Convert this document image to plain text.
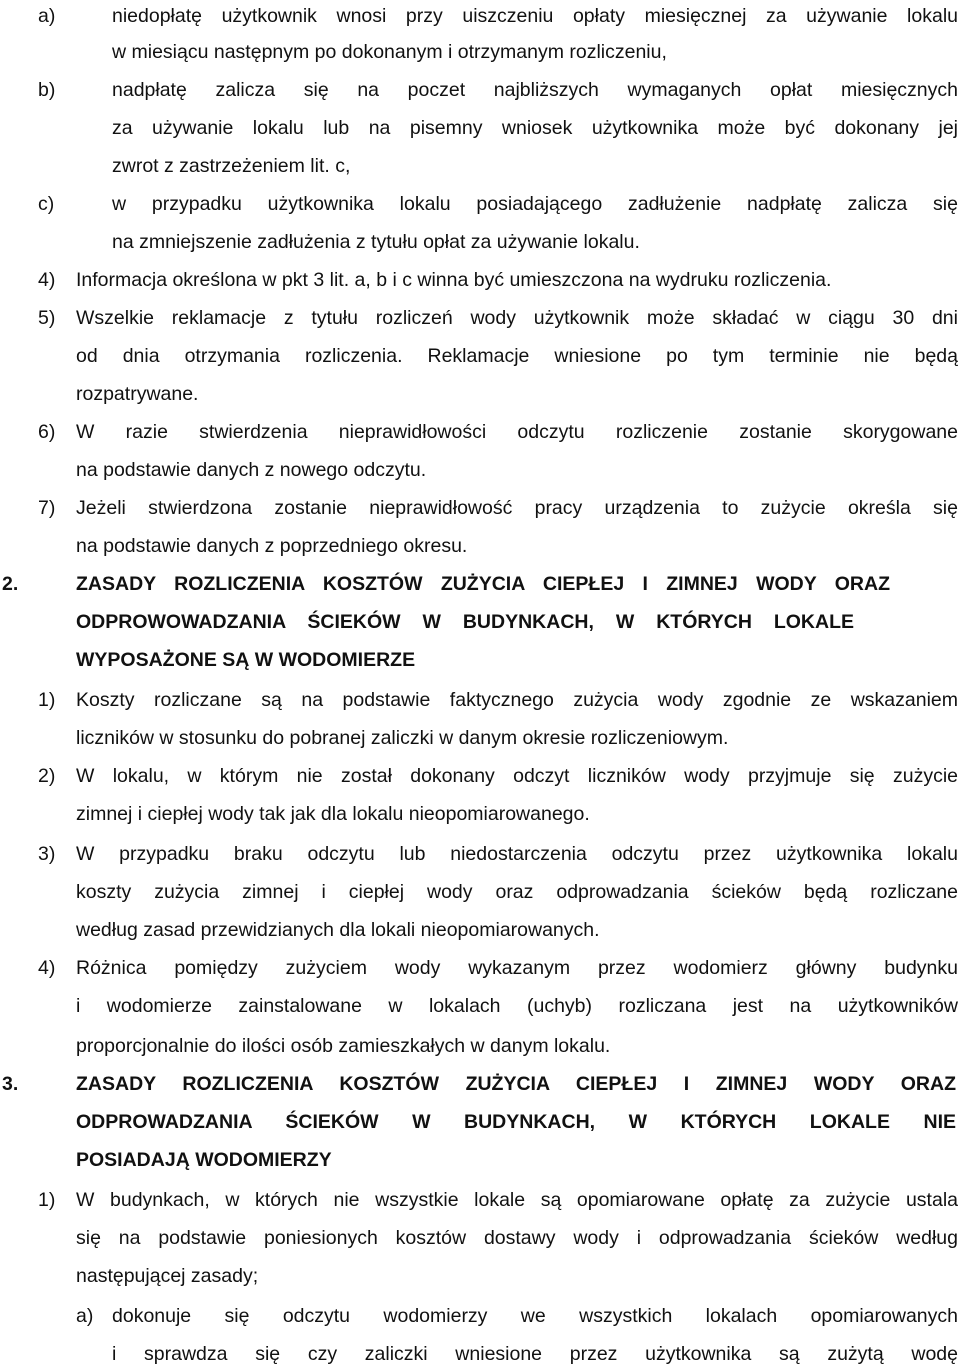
a)	niedopłatę użytkownik wnosi przy uiszczeniu opłaty miesięcznej za używanie lokalu
w miesiącu następnym po dokonanym i otrzymanym rozliczeniu,
b)	nadpłatę zalicza się na poczet najbliższych wymaganych opłat miesięcznych
za używanie lokalu lub na pisemny wniosek użytkownika może być dokonany jej
zwrot z zastrzeżeniem lit. c,
c)	w przypadku użytkownika lokalu posiadającego zadłużenie nadpłatę zalicza się
na zmniejszenie zadłużenia z tytułu opłat za używanie lokalu.
4) Informacja określona w pkt 3 lit. a, b i c winna być umieszczona na wydruku rozliczenia.
5) Wszelkie reklamacje z tytułu rozliczeń wody użytkownik może składać w ciągu 30 dni
od dnia otrzymania rozliczenia. Reklamacje wniesione po tym terminie nie będą
rozpatrywane.
6) W razie stwierdzenia nieprawidłowości odczytu rozliczenie zostanie skorygowane
na podstawie danych z nowego odczytu.
7) Jeżeli stwierdzona zostanie nieprawidłowość pracy urządzenia to zużycie określa się
na podstawie danych z poprzedniego okresu.
2.	ZASADY ROZLICZENIA KOSZTÓW ZUŻYCIA CIEPŁEJ I ZIMNEJ WODY ORAZ
ODPROWOWADZANIA ŚCIEKÓW W BUDYNKACH, W KTÓRYCH LOKALE
WYPOSAŻONE SĄ W WODOMIERZE
1) Koszty rozliczane są na podstawie faktycznego zużycia wody zgodnie ze wskazaniem
liczników w stosunku do pobranej zaliczki w danym okresie rozliczeniowym.
2) W lokalu, w którym nie został dokonany odczyt liczników wody przyjmuje się zużycie
zimnej i ciepłej wody tak jak dla lokalu nieopomiarowanego.
3) W przypadku braku odczytu lub niedostarczenia odczytu przez użytkownika lokalu
koszty zużycia zimnej i ciepłej wody oraz odprowadzania ścieków będą rozliczane
według zasad przewidzianych dla lokali nieopomiarowanych.
4) Różnica pomiędzy zużyciem wody wykazanym przez wodomierz główny budynku
i wodomierze zainstalowane w lokalach (uchyb) rozliczana jest na użytkowników
proporcjonalnie do ilości osób zamieszkałych w danym lokalu.
3.	ZASADY ROZLICZENIA KOSZTÓW ZUŻYCIA CIEPŁEJ I ZIMNEJ WODY ORAZ
ODPROWADZANIA ŚCIEKÓW W BUDYNKACH, W KTÓRYCH LOKALE NIE
POSIADAJĄ WODOMIERZY
1) W budynkach, w których nie wszystkie lokale są opomiarowane opłatę za zużycie ustala
się na podstawie poniesionych kosztów dostawy wody i odprowadzania ścieków według
następującej zasady;
a) dokonuje się odczytu wodomierzy we wszystkich lokalach opomiarowanych
i sprawdza się czy zaliczki wniesione przez użytkownika są zużytą wodę
